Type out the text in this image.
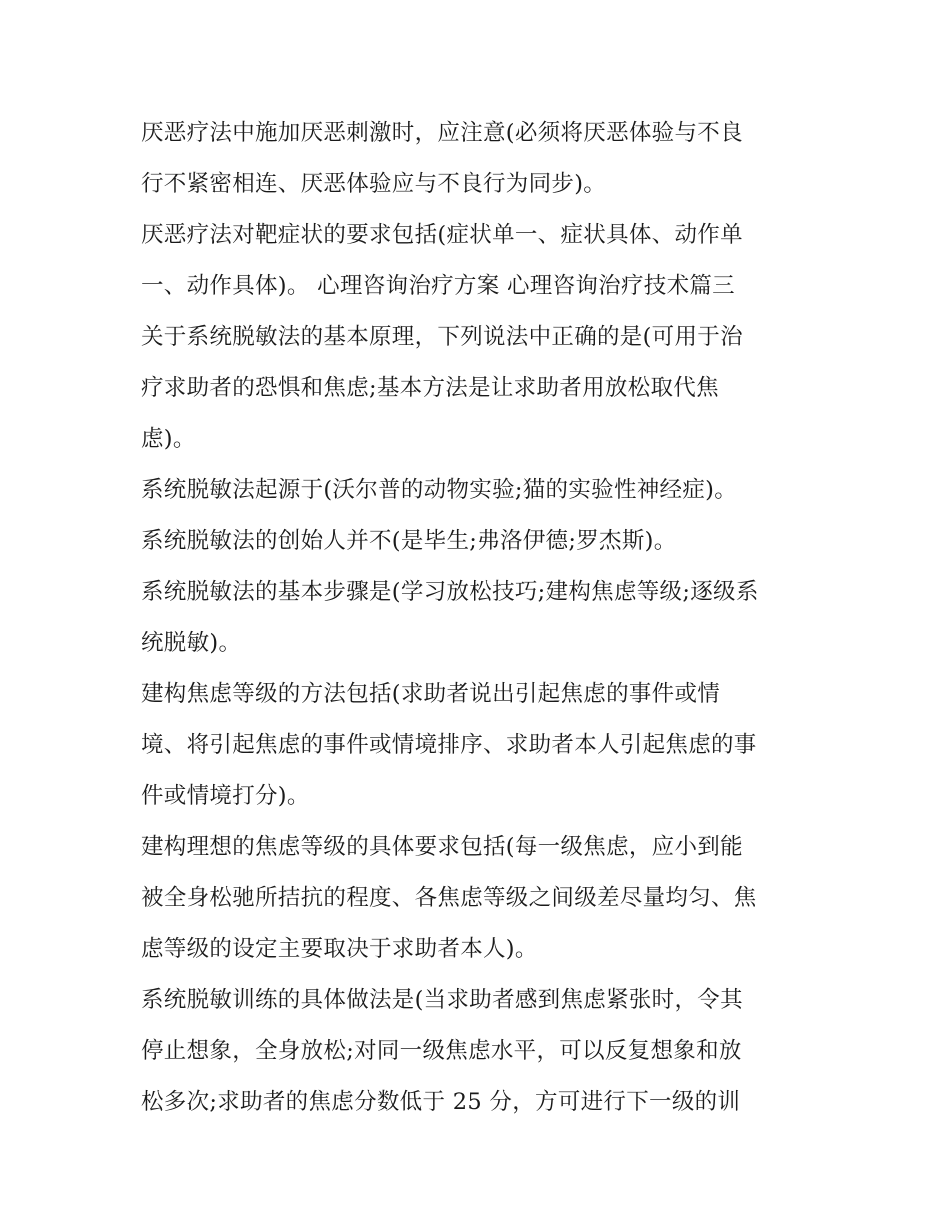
厌恶疗法中施加厌恶刺激时，应注意(必须将厌恶体验与不良
行不紧密相连、厌恶体验应与不良行为同步)。
厌恶疗法对靶症状的要求包括(症状单一、症状具体、动作单
一、动作具体)。 心理咨询治疗方案 心理咨询治疗技术篇三
关于系统脱敏法的基本原理，下列说法中正确的是(可用于治
疗求助者的恐惧和焦虑;基本方法是让求助者用放松取代焦
虑)。
系统脱敏法起源于(沃尔普的动物实验;猫的实验性神经症)。
系统脱敏法的创始人并不(是毕生;弗洛伊德;罗杰斯)。
系统脱敏法的基本步骤是(学习放松技巧;建构焦虑等级;逐级系
统脱敏)。
建构焦虑等级的方法包括(求助者说出引起焦虑的事件或情
境、将引起焦虑的事件或情境排序、求助者本人引起焦虑的事
件或情境打分)。
建构理想的焦虑等级的具体要求包括(每一级焦虑，应小到能
被全身松驰所拮抗的程度、各焦虑等级之间级差尽量均匀、焦
虑等级的设定主要取决于求助者本人)。
系统脱敏训练的具体做法是(当求助者感到焦虑紧张时，令其
停止想象，全身放松;对同一级焦虑水平，可以反复想象和放
松多次;求助者的焦虑分数低于 25 分，方可进行下一级的训
